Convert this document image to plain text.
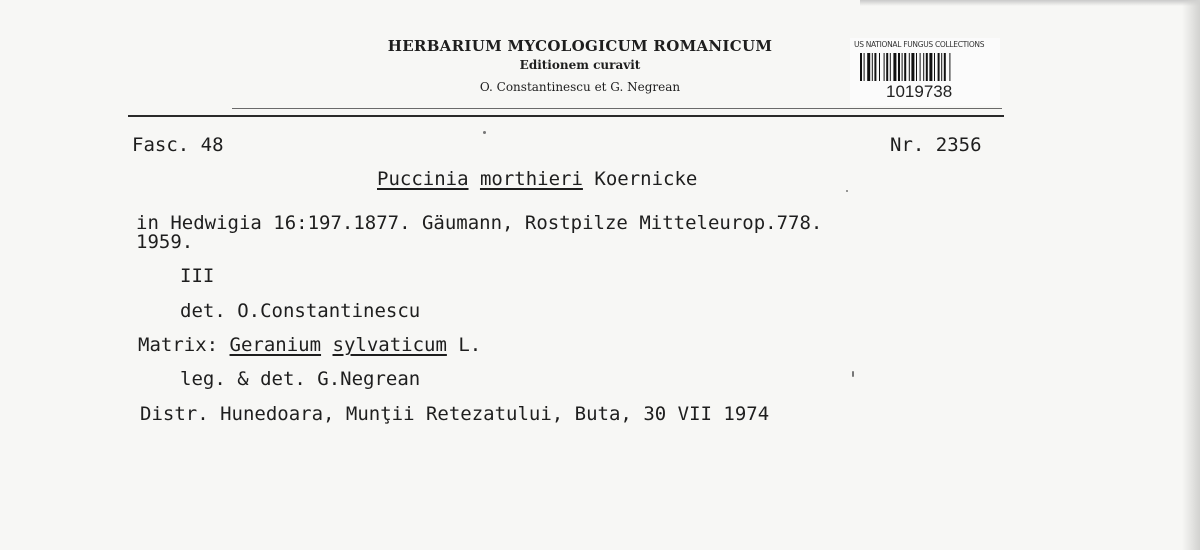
HERBARIUM MYCOLOGICUM ROMANICUM
Editionem curavit
O. Constantinescu et G. Negrean
US NATIONAL FUNGUS COLLECTIONS
1019738
Fasc. 48	Nr. 2356
Puccinia morthieri Koernicke
in Hedwigia 16:197.1877. Gäumann, Rostpilze Mitteleurop.778.
1959.
III
det. O.Constantinescu
Matrix: Geranium sylvaticum L.
leg. & det. G.Negrean
Distr. Hunedoara, Munţii Retezatului, Buta, 30 VII 1974
